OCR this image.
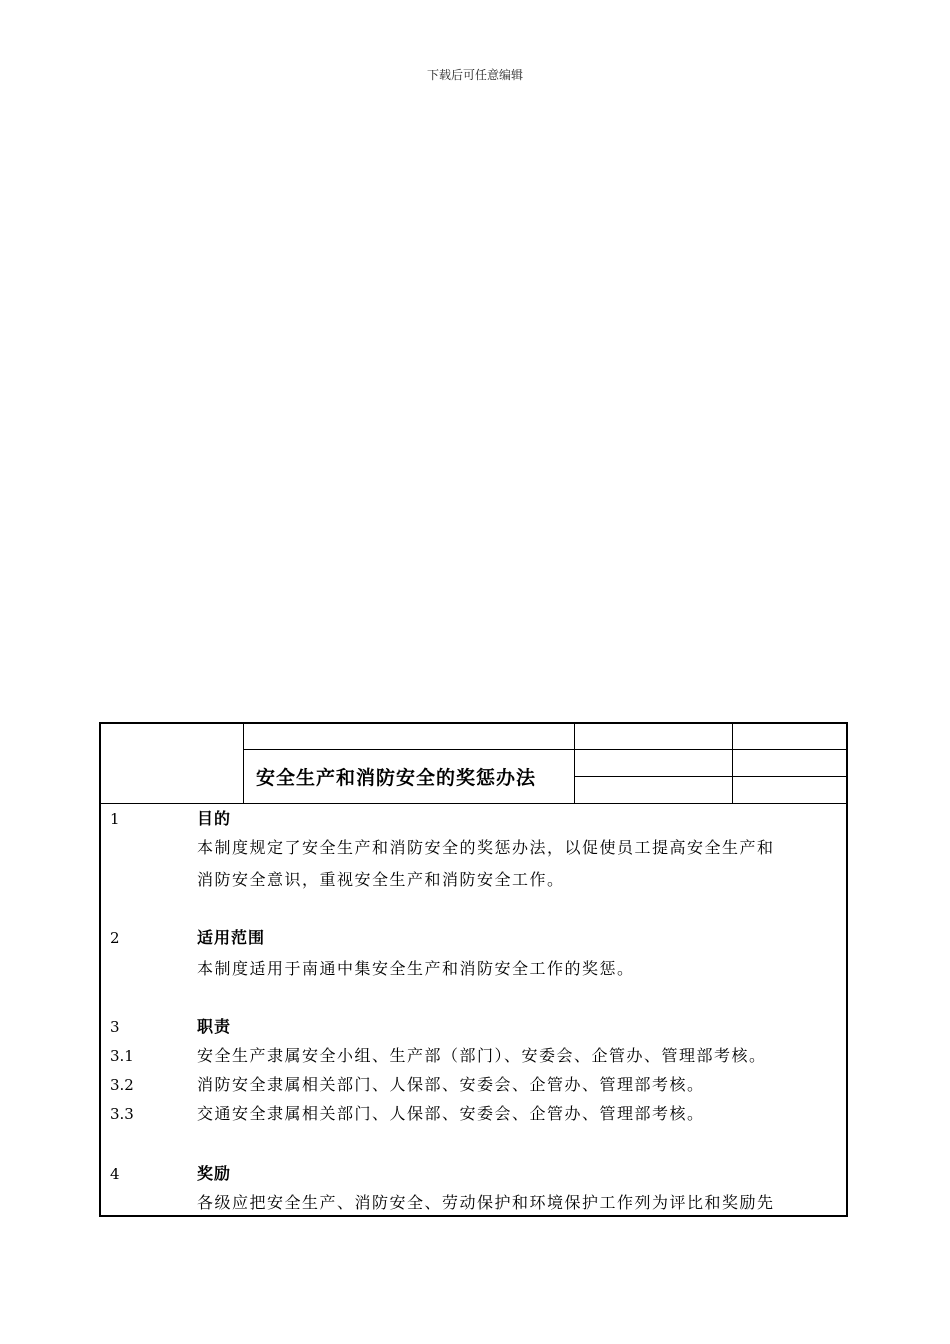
下载后可任意编辑
安全生产和消防安全的奖惩办法
1	目的
本制度规定了安全生产和消防安全的奖惩办法，以促使员工提高安全生产和
消防安全意识，重视安全生产和消防安全工作。
2	适用范围
本制度适用于南通中集安全生产和消防安全工作的奖惩。
3	职责
3.1	安全生产隶属安全小组、生产部（部门）、安委会、企管办、管理部考核。
3.2	消防安全隶属相关部门、人保部、安委会、企管办、管理部考核。
3.3	交通安全隶属相关部门、人保部、安委会、企管办、管理部考核。
4	奖励
各级应把安全生产、消防安全、劳动保护和环境保护工作列为评比和奖励先
